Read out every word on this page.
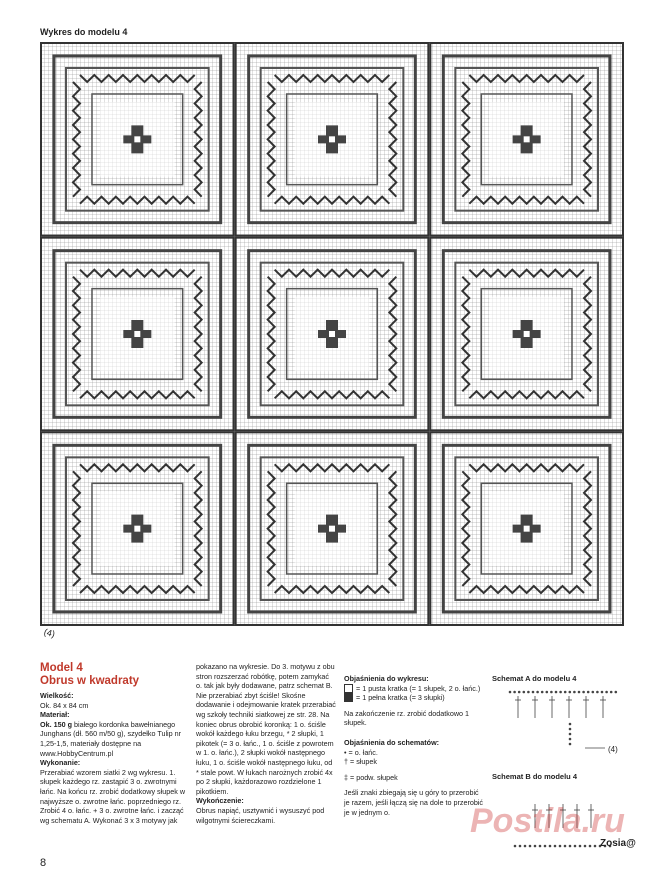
Wykres do modelu 4
(4)

Model 4

Obrus w kwadraty

Wielkość:

Ok. 84 x 84 cm

Materiał:

Ok. 150 g białego kordonka bawełnianego Junghans (dł. 560 m/50 g), szydełko Tulip nr 1,25-1,5, materiały dostępne na www.HobbyCentrum.pl

Wykonanie:

Przerabiać wzorem siatki 2 wg wykresu. 1. słupek każdego rz. zastąpić 3 o. zwrotnymi łańc. Na końcu rz. zrobić dodatkowy słupek w najwyższe o. zwrotne łańc. poprzedniego rz. Zrobić 4 o. łańc. + 3 o. zwrotne łańc. i zacząć wg schematu A. Wykonać 3 x 3 motywy jak

pokazano na wykresie. Do 3. motywu z obu stron rozszerzać robótkę, potem zamykać o. tak jak były dodawane, patrz schemat B. Nie przerabiać zbyt ściśle! Skośne dodawanie i odejmowanie kratek przerabiać wg szkoły techniki siatkowej ze str. 28. Na koniec obrus obrobić koronką: 1 o. ściśle wokół każdego łuku brzegu, * 2 słupki, 1 pikotek (= 3 o. łańc., 1 o. ściśle z powrotem w 1. o. łańc.), 2 słupki wokół następnego łuku, 1 o. ściśle wokół następnego łuku, od * stale powt. W łukach narożnych zrobić 4x po 2 słupki, każdorazowo rozdzielone 1 pikotkiem.

Wykończenie:

Obrus napiąć, usztywnić i wysuszyć pod wilgotnymi ściereczkami.

Objaśnienia do wykresu:

= 1 pusta kratka (= 1 słupek, 2 o. łańc.)

= 1 pełna kratka (= 3 słupki)

Na zakończenie rz. zrobić dodatkowo 1 słupek.

Objaśnienia do schematów:

• = o. łańc.

† = słupek

‡ = podw. słupek

Jeśli znaki zbiegają się u góry to przerobić je razem, jeśli łączą się na dole to przerobić je w jednym o.

Schemat A do modelu 4
(4)
Schemat B do modelu 4
Postila.ru
Zosia@
8
